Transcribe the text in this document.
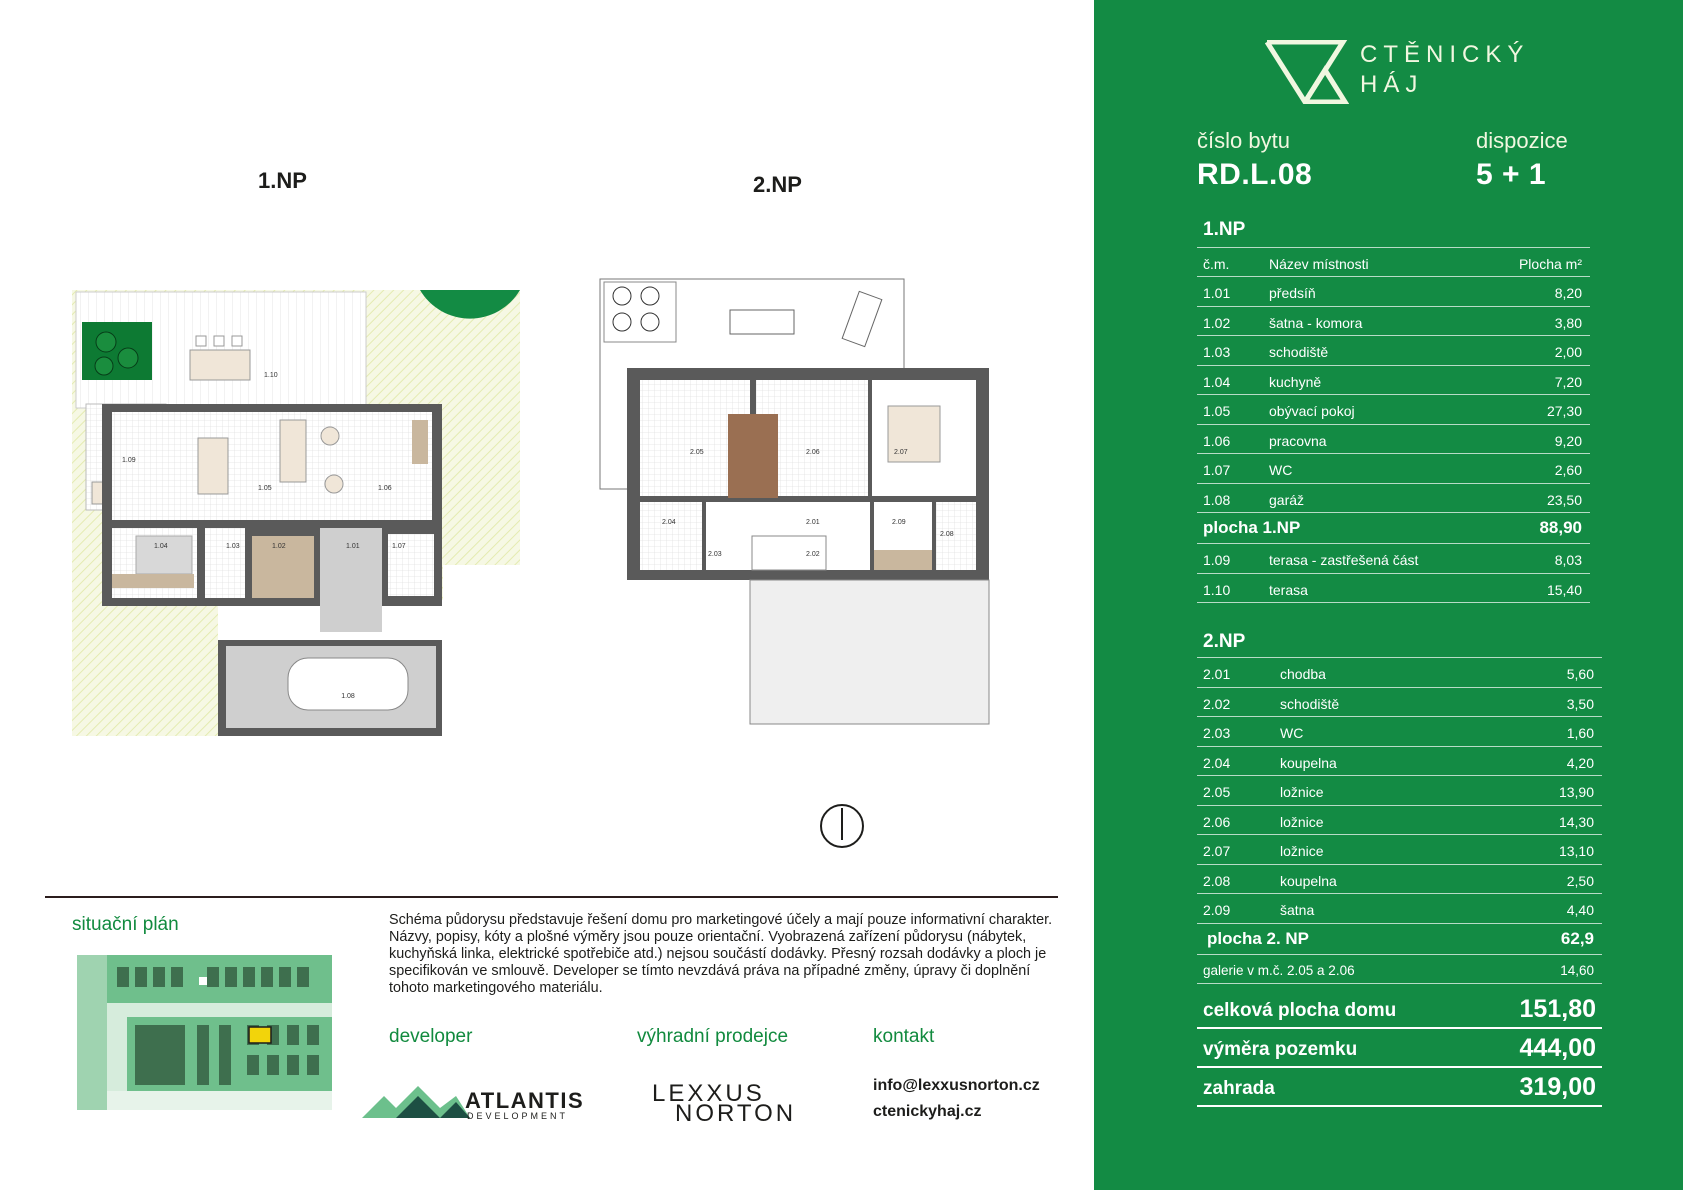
1.08
1.10
1.09
1.05	1.06
1.04	1.03	1.02	1.01	1.07
2.05	2.06	2.07
2.04	2.01	2.09
2.08
2.03	2.02
1.NP	2.NP
situační plán	Schéma půdorysu představuje řešení domu pro marketingové účely a mají pouze informativní charakter. Názvy, popisy, kóty a plošné výměry jsou pouze orientační. Vyobrazená zařízení půdorysu (nábytek, kuchyňská linka, elektrické spotřebiče atd.) nejsou součástí dodávky. Přesný rozsah dodávky a ploch je specifikován ve smlouvě. Developer se tímto nevzdává práva na případné změny, úpravy či doplnění tohoto marketingového materiálu.
developer	výhradní prodejce	kontakt
ATLANTIS
DEVELOPMENT
LEXXUS
NORTON
info@lexxusnorton.cz
ctenickyhaj.cz
CTĚNICKÝ
HÁJ
číslo bytu
RD.L.08
dispozice
5 + 1
1.NP
č.m.	Název místnosti	Plocha m²
1.01	předsíň	8,20
1.02	šatna - komora	3,80
1.03	schodiště	2,00
1.04	kuchyně	7,20
1.05	obývací pokoj	27,30
1.06	pracovna	9,20
1.07	WC	2,60
1.08	garáž	23,50
plocha 1.NP	88,90
1.09	terasa - zastřešená část	8,03
1.10	terasa	15,40
2.NP
2.01	chodba	5,60
2.02	schodiště	3,50
2.03	WC	1,60
2.04	koupelna	4,20
2.05	ložnice	13,90
2.06	ložnice	14,30
2.07	ložnice	13,10
2.08	koupelna	2,50
2.09	šatna	4,40
plocha 2. NP	62,9
galerie v m.č. 2.05 a 2.06	14,60
celková plocha domu	151,80
výměra pozemku	444,00
zahrada	319,00
